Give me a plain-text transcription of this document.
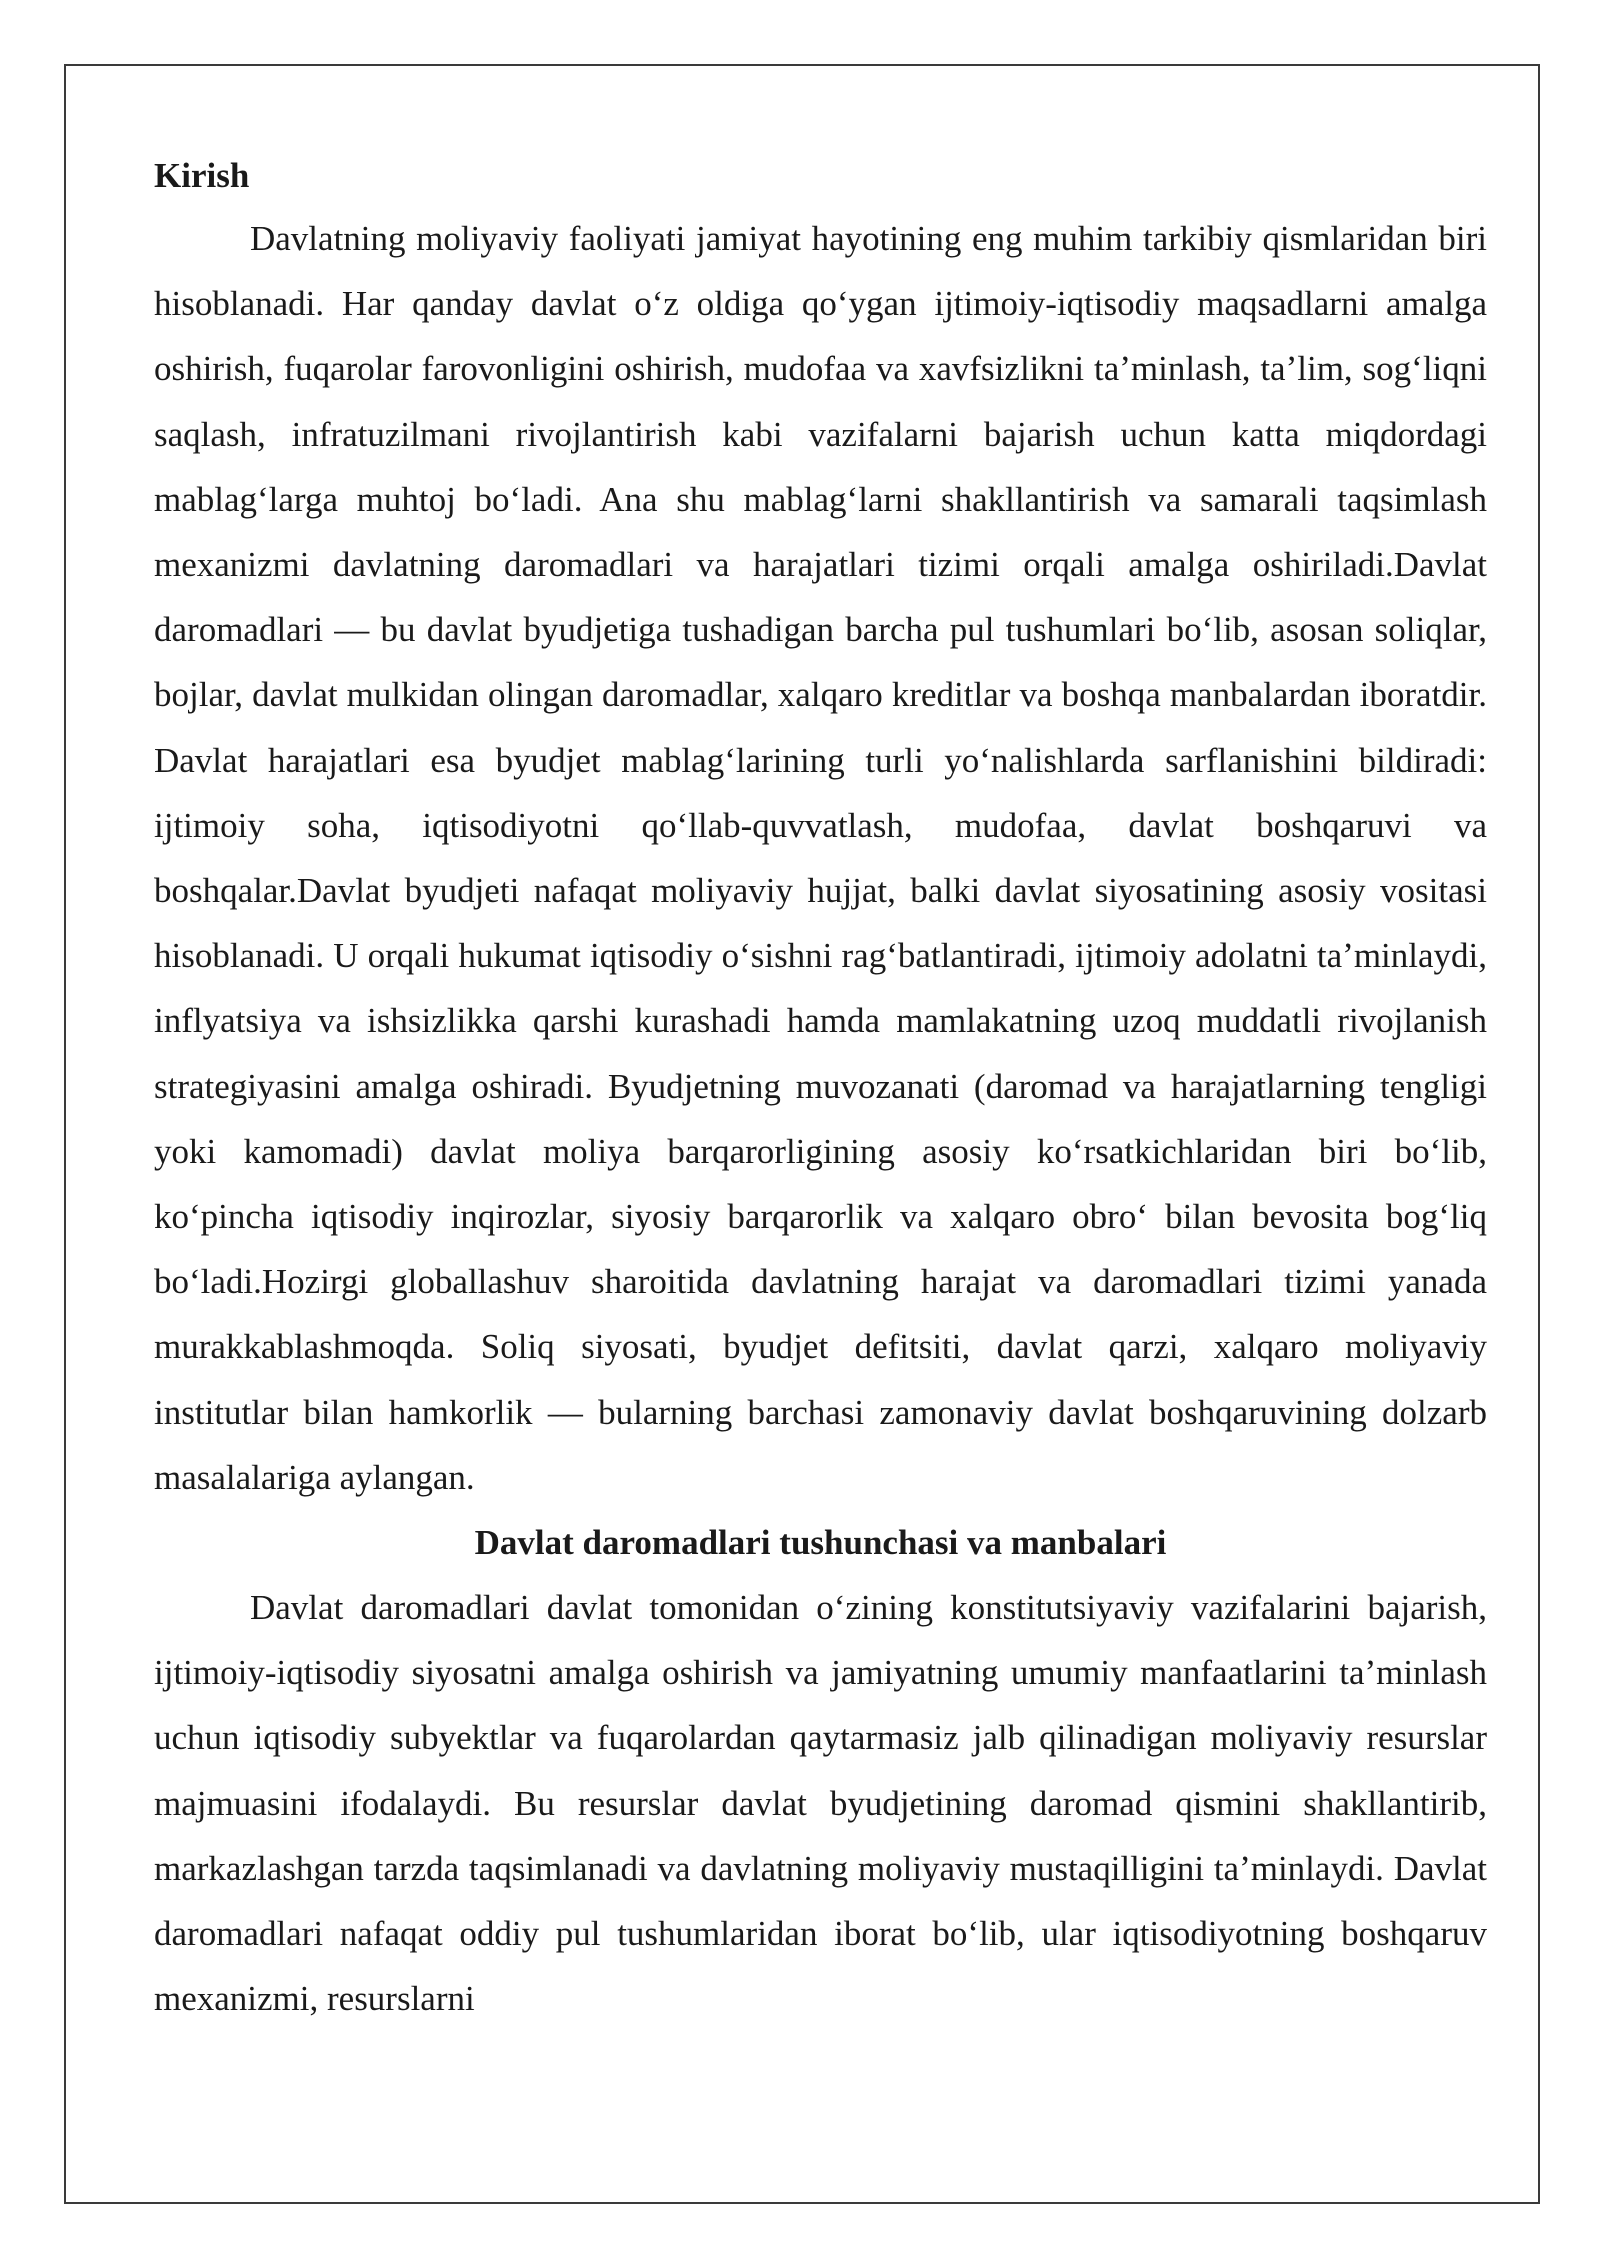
Kirish

Davlatning moliyaviy faoliyati jamiyat hayotining eng muhim tarkibiy qismlaridan biri hisoblanadi. Har qanday davlat oʻz oldiga qoʻygan ijtimoiy-iqtisodiy maqsadlarni amalga oshirish, fuqarolar farovonligini oshirish, mudofaa va xavfsizlikni taʼminlash, taʼlim, sogʻliqni saqlash, infratuzilmani rivojlantirish kabi vazifalarni bajarish uchun katta miqdordagi mablagʻlarga muhtoj boʻladi. Ana shu mablagʻlarni shakllantirish va samarali taqsimlash mexanizmi davlatning daromadlari va harajatlari tizimi orqali amalga oshiriladi.Davlat daromadlari — bu davlat byudjetiga tushadigan barcha pul tushumlari boʻlib, asosan soliqlar, bojlar, davlat mulkidan olingan daromadlar, xalqaro kreditlar va boshqa manbalardan iboratdir. Davlat harajatlari esa byudjet mablagʻlarining turli yoʻnalishlarda sarflanishini bildiradi: ijtimoiy soha, iqtisodiyotni qoʻllab-quvvatlash, mudofaa, davlat boshqaruvi va boshqalar.Davlat byudjeti nafaqat moliyaviy hujjat, balki davlat siyosatining asosiy vositasi hisoblanadi. U orqali hukumat iqtisodiy oʻsishni ragʻbatlantiradi, ijtimoiy adolatni taʼminlaydi, inflyatsiya va ishsizlikka qarshi kurashadi hamda mamlakatning uzoq muddatli rivojlanish strategiyasini amalga oshiradi. Byudjetning muvozanati (daromad va harajatlarning tengligi yoki kamomadi) davlat moliya barqarorligining asosiy koʻrsatkichlaridan biri boʻlib, koʻpincha iqtisodiy inqirozlar, siyosiy barqarorlik va xalqaro obroʻ bilan bevosita bogʻliq boʻladi.Hozirgi globallashuv sharoitida davlatning harajat va daromadlari tizimi yanada murakkablashmoqda. Soliq siyosati, byudjet defitsiti, davlat qarzi, xalqaro moliyaviy institutlar bilan hamkorlik — bularning barchasi zamonaviy davlat boshqaruvining dolzarb masalalariga aylangan.

Davlat daromadlari tushunchasi va manbalari

Davlat daromadlari davlat tomonidan oʻzining konstitutsiyaviy vazifalarini bajarish, ijtimoiy-iqtisodiy siyosatni amalga oshirish va jamiyatning umumiy manfaatlarini taʼminlash uchun iqtisodiy subyektlar va fuqarolardan qaytarmasiz jalb qilinadigan moliyaviy resurslar majmuasini ifodalaydi. Bu resurslar davlat byudjetining daromad qismini shakllantirib, markazlashgan tarzda taqsimlanadi va davlatning moliyaviy mustaqilligini taʼminlaydi. Davlat daromadlari nafaqat oddiy pul tushumlaridan iborat boʻlib, ular iqtisodiyotning boshqaruv mexanizmi, resurslarni
